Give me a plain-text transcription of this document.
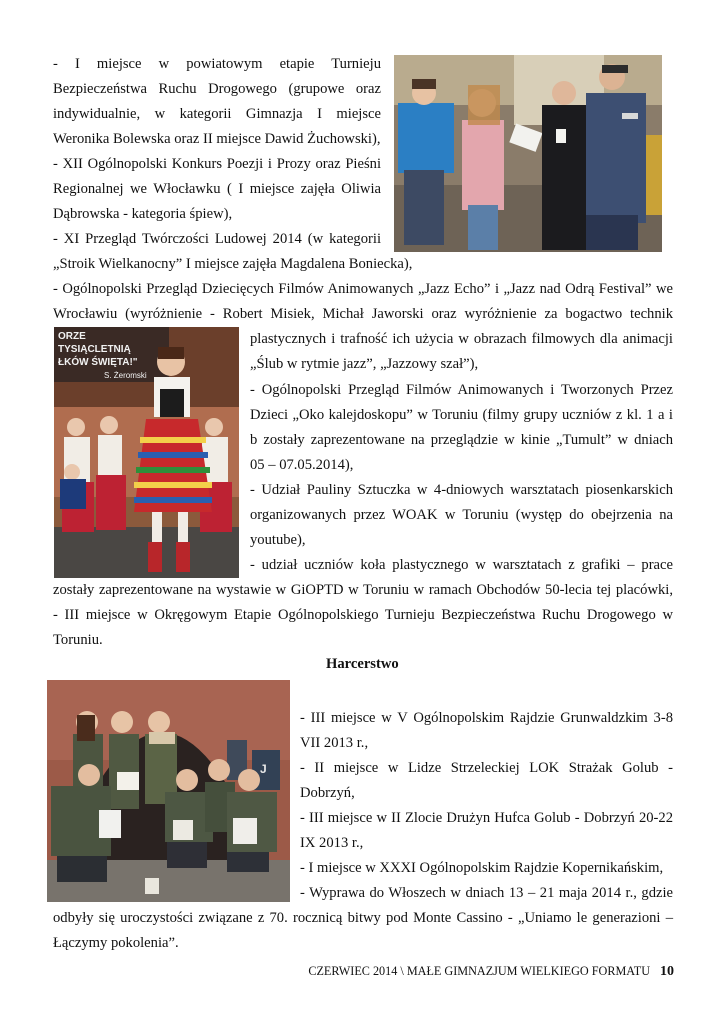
ORZE
TYSIĄCLETNIĄ
ŁKÓW ŚWIĘTA!"
S. Żeromski
J
- I miejsce w powiatowym etapie Turnieju
Bezpieczeństwa Ruchu Drogowego (grupowe oraz
indywidualnie, w kategorii Gimnazja I miejsce
Weronika Bolewska oraz II miejsce Dawid Żuchowski),
- XII Ogólnopolski Konkurs Poezji i Prozy oraz Pieśni
Regionalnej we Włocławku ( I miejsce zajęła Oliwia
Dąbrowska - kategoria śpiew),
- XI Przegląd Twórczości Ludowej 2014 (w kategorii
„Stroik Wielkanocny” I miejsce zajęła Magdalena Boniecka),
- Ogólnopolski Przegląd Dziecięcych Filmów Animowanych „Jazz Echo” i „Jazz nad Odrą Festival” we
Wrocławiu (wyróżnienie - Robert Misiek, Michał Jaworski oraz wyróżnienie za bogactwo technik
plastycznych i trafność ich użycia w obrazach filmowych dla animacji
„Ślub w rytmie jazz”, „Jazzowy szał”),
- Ogólnopolski Przegląd Filmów Animowanych i Tworzonych Przez
Dzieci „Oko kalejdoskopu” w Toruniu (filmy grupy uczniów z kl. 1 a i
b zostały zaprezentowane na przeglądzie w kinie „Tumult” w dniach
05 – 07.05.2014),
- Udział Pauliny Sztuczka w 4-dniowych warsztatach piosenkarskich
organizowanych przez WOAK w Toruniu (występ do obejrzenia na
youtube),
- udział uczniów koła plastycznego w warsztatach z grafiki – prace
zostały zaprezentowane na wystawie w GiOPTD w Toruniu w ramach Obchodów 50-lecia tej placówki,
- III miejsce w Okręgowym Etapie Ogólnopolskiego Turnieju Bezpieczeństwa Ruchu Drogowego w
Toruniu.
Harcerstwo
- III miejsce w V Ogólnopolskim Rajdzie Grunwaldzkim 3-8
VII 2013 r.,
- II miejsce w Lidze Strzeleckiej LOK Strażak Golub -
Dobrzyń,
- III miejsce w II Zlocie Drużyn Hufca Golub - Dobrzyń 20-22
IX 2013 r.,
- I miejsce w XXXI Ogólnopolskim Rajdzie Kopernikańskim,
- Wyprawa do Włoszech w dniach 13 – 21 maja 2014 r., gdzie
odbyły się uroczystości związane z 70. rocznicą bitwy pod Monte Cassino - „Uniamo le generazioni –
Łączymy pokolenia”.
CZERWIEC 2014 \ MAŁE GIMNAZJUM WIELKIEGO FORMATU 10
